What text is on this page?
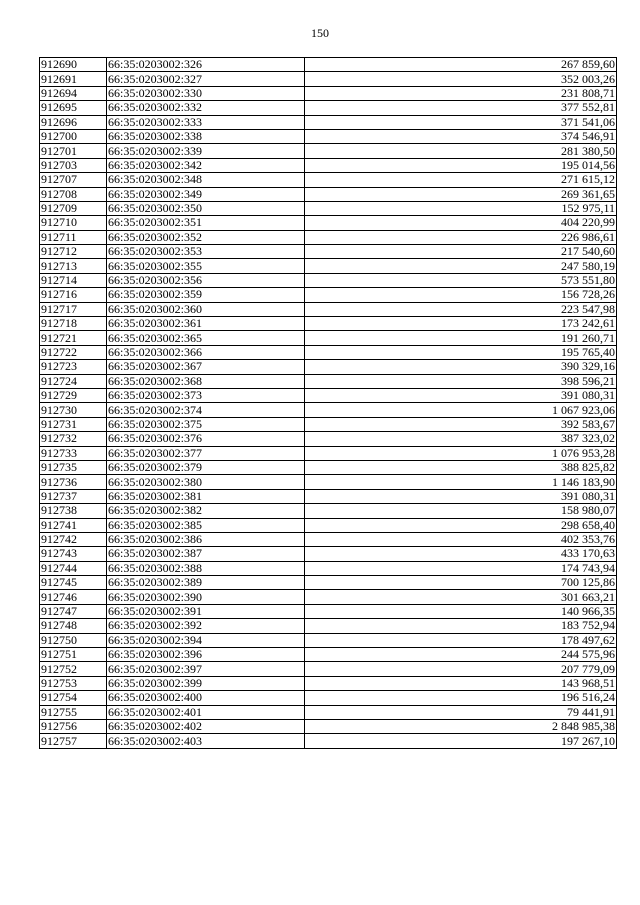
150
912690	66:35:0203002:326	267 859,60
912691	66:35:0203002:327	352 003,26
912694	66:35:0203002:330	231 808,71
912695	66:35:0203002:332	377 552,81
912696	66:35:0203002:333	371 541,06
912700	66:35:0203002:338	374 546,91
912701	66:35:0203002:339	281 380,50
912703	66:35:0203002:342	195 014,56
912707	66:35:0203002:348	271 615,12
912708	66:35:0203002:349	269 361,65
912709	66:35:0203002:350	152 975,11
912710	66:35:0203002:351	404 220,99
912711	66:35:0203002:352	226 986,61
912712	66:35:0203002:353	217 540,60
912713	66:35:0203002:355	247 580,19
912714	66:35:0203002:356	573 551,80
912716	66:35:0203002:359	156 728,26
912717	66:35:0203002:360	223 547,98
912718	66:35:0203002:361	173 242,61
912721	66:35:0203002:365	191 260,71
912722	66:35:0203002:366	195 765,40
912723	66:35:0203002:367	390 329,16
912724	66:35:0203002:368	398 596,21
912729	66:35:0203002:373	391 080,31
912730	66:35:0203002:374	1 067 923,06
912731	66:35:0203002:375	392 583,67
912732	66:35:0203002:376	387 323,02
912733	66:35:0203002:377	1 076 953,28
912735	66:35:0203002:379	388 825,82
912736	66:35:0203002:380	1 146 183,90
912737	66:35:0203002:381	391 080,31
912738	66:35:0203002:382	158 980,07
912741	66:35:0203002:385	298 658,40
912742	66:35:0203002:386	402 353,76
912743	66:35:0203002:387	433 170,63
912744	66:35:0203002:388	174 743,94
912745	66:35:0203002:389	700 125,86
912746	66:35:0203002:390	301 663,21
912747	66:35:0203002:391	140 966,35
912748	66:35:0203002:392	183 752,94
912750	66:35:0203002:394	178 497,62
912751	66:35:0203002:396	244 575,96
912752	66:35:0203002:397	207 779,09
912753	66:35:0203002:399	143 968,51
912754	66:35:0203002:400	196 516,24
912755	66:35:0203002:401	79 441,91
912756	66:35:0203002:402	2 848 985,38
912757	66:35:0203002:403	197 267,10
